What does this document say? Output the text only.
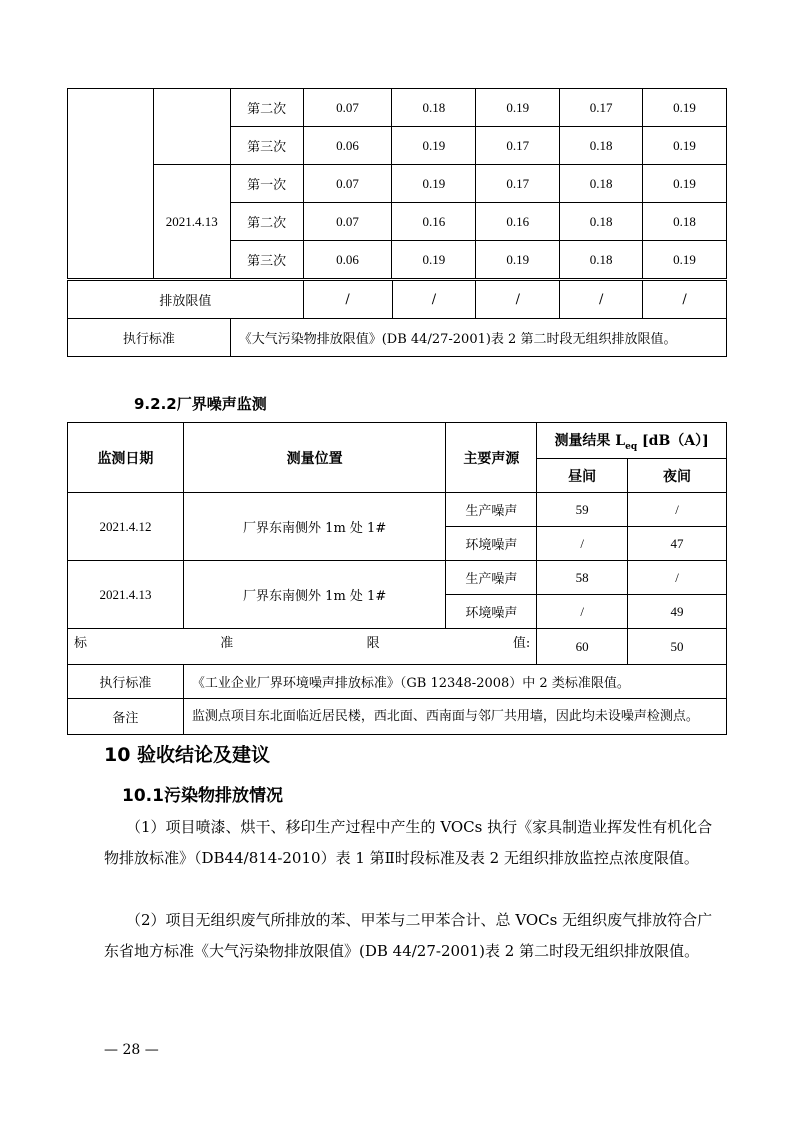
		第二次	0.07	0.18	0.19	0.17	0.19
		第三次	0.06	0.19	0.17	0.18	0.19
	2021.4.13	第一次	0.07	0.19	0.17	0.18	0.19
		第二次	0.07	0.16	0.16	0.18	0.18
		第三次	0.06	0.19	0.19	0.18	0.19
排放限值	/	/	/	/	/
执行标准	《大气污染物排放限值》(DB 44/27-2001)表 2 第二时段无组织排放限值。
9.2.2厂界噪声监测
监测日期	测量位置	主要声源	测量结果 $L_{eq}$ [dB（A）]	
			昼间	夜间
2021.4.12	厂界东南侧外 1m 处 1#	生产噪声	59	/
		环境噪声	/	47
2021.4.13	厂界东南侧外 1m 处 1#	生产噪声	58	/
		环境噪声	/	49

标 准 限 值:			60	50
执行标准	《工业企业厂界环境噪声排放标准》（GB 12348-2008）中 2 类标准限值。			
备注	监测点项目东北面临近居民楼，西北面、西南面与邻厂共用墙，因此均未设噪声检测点。			
10 验收结论及建议
10.1污染物排放情况

（1）项目喷漆、烘干、移印生产过程中产生的 VOCs 执行《家具制造业挥发性有机化合物排放标准》（DB44/814-2010）表 1 第Ⅱ时段标准及表 2 无组织排放监控点浓度限值。

（2）项目无组织废气所排放的苯、甲苯与二甲苯合计、总 VOCs 无组织废气排放符合广东省地方标准《大气污染物排放限值》(DB 44/27-2001)表 2 第二时段无组织排放限值。

— 28 —
